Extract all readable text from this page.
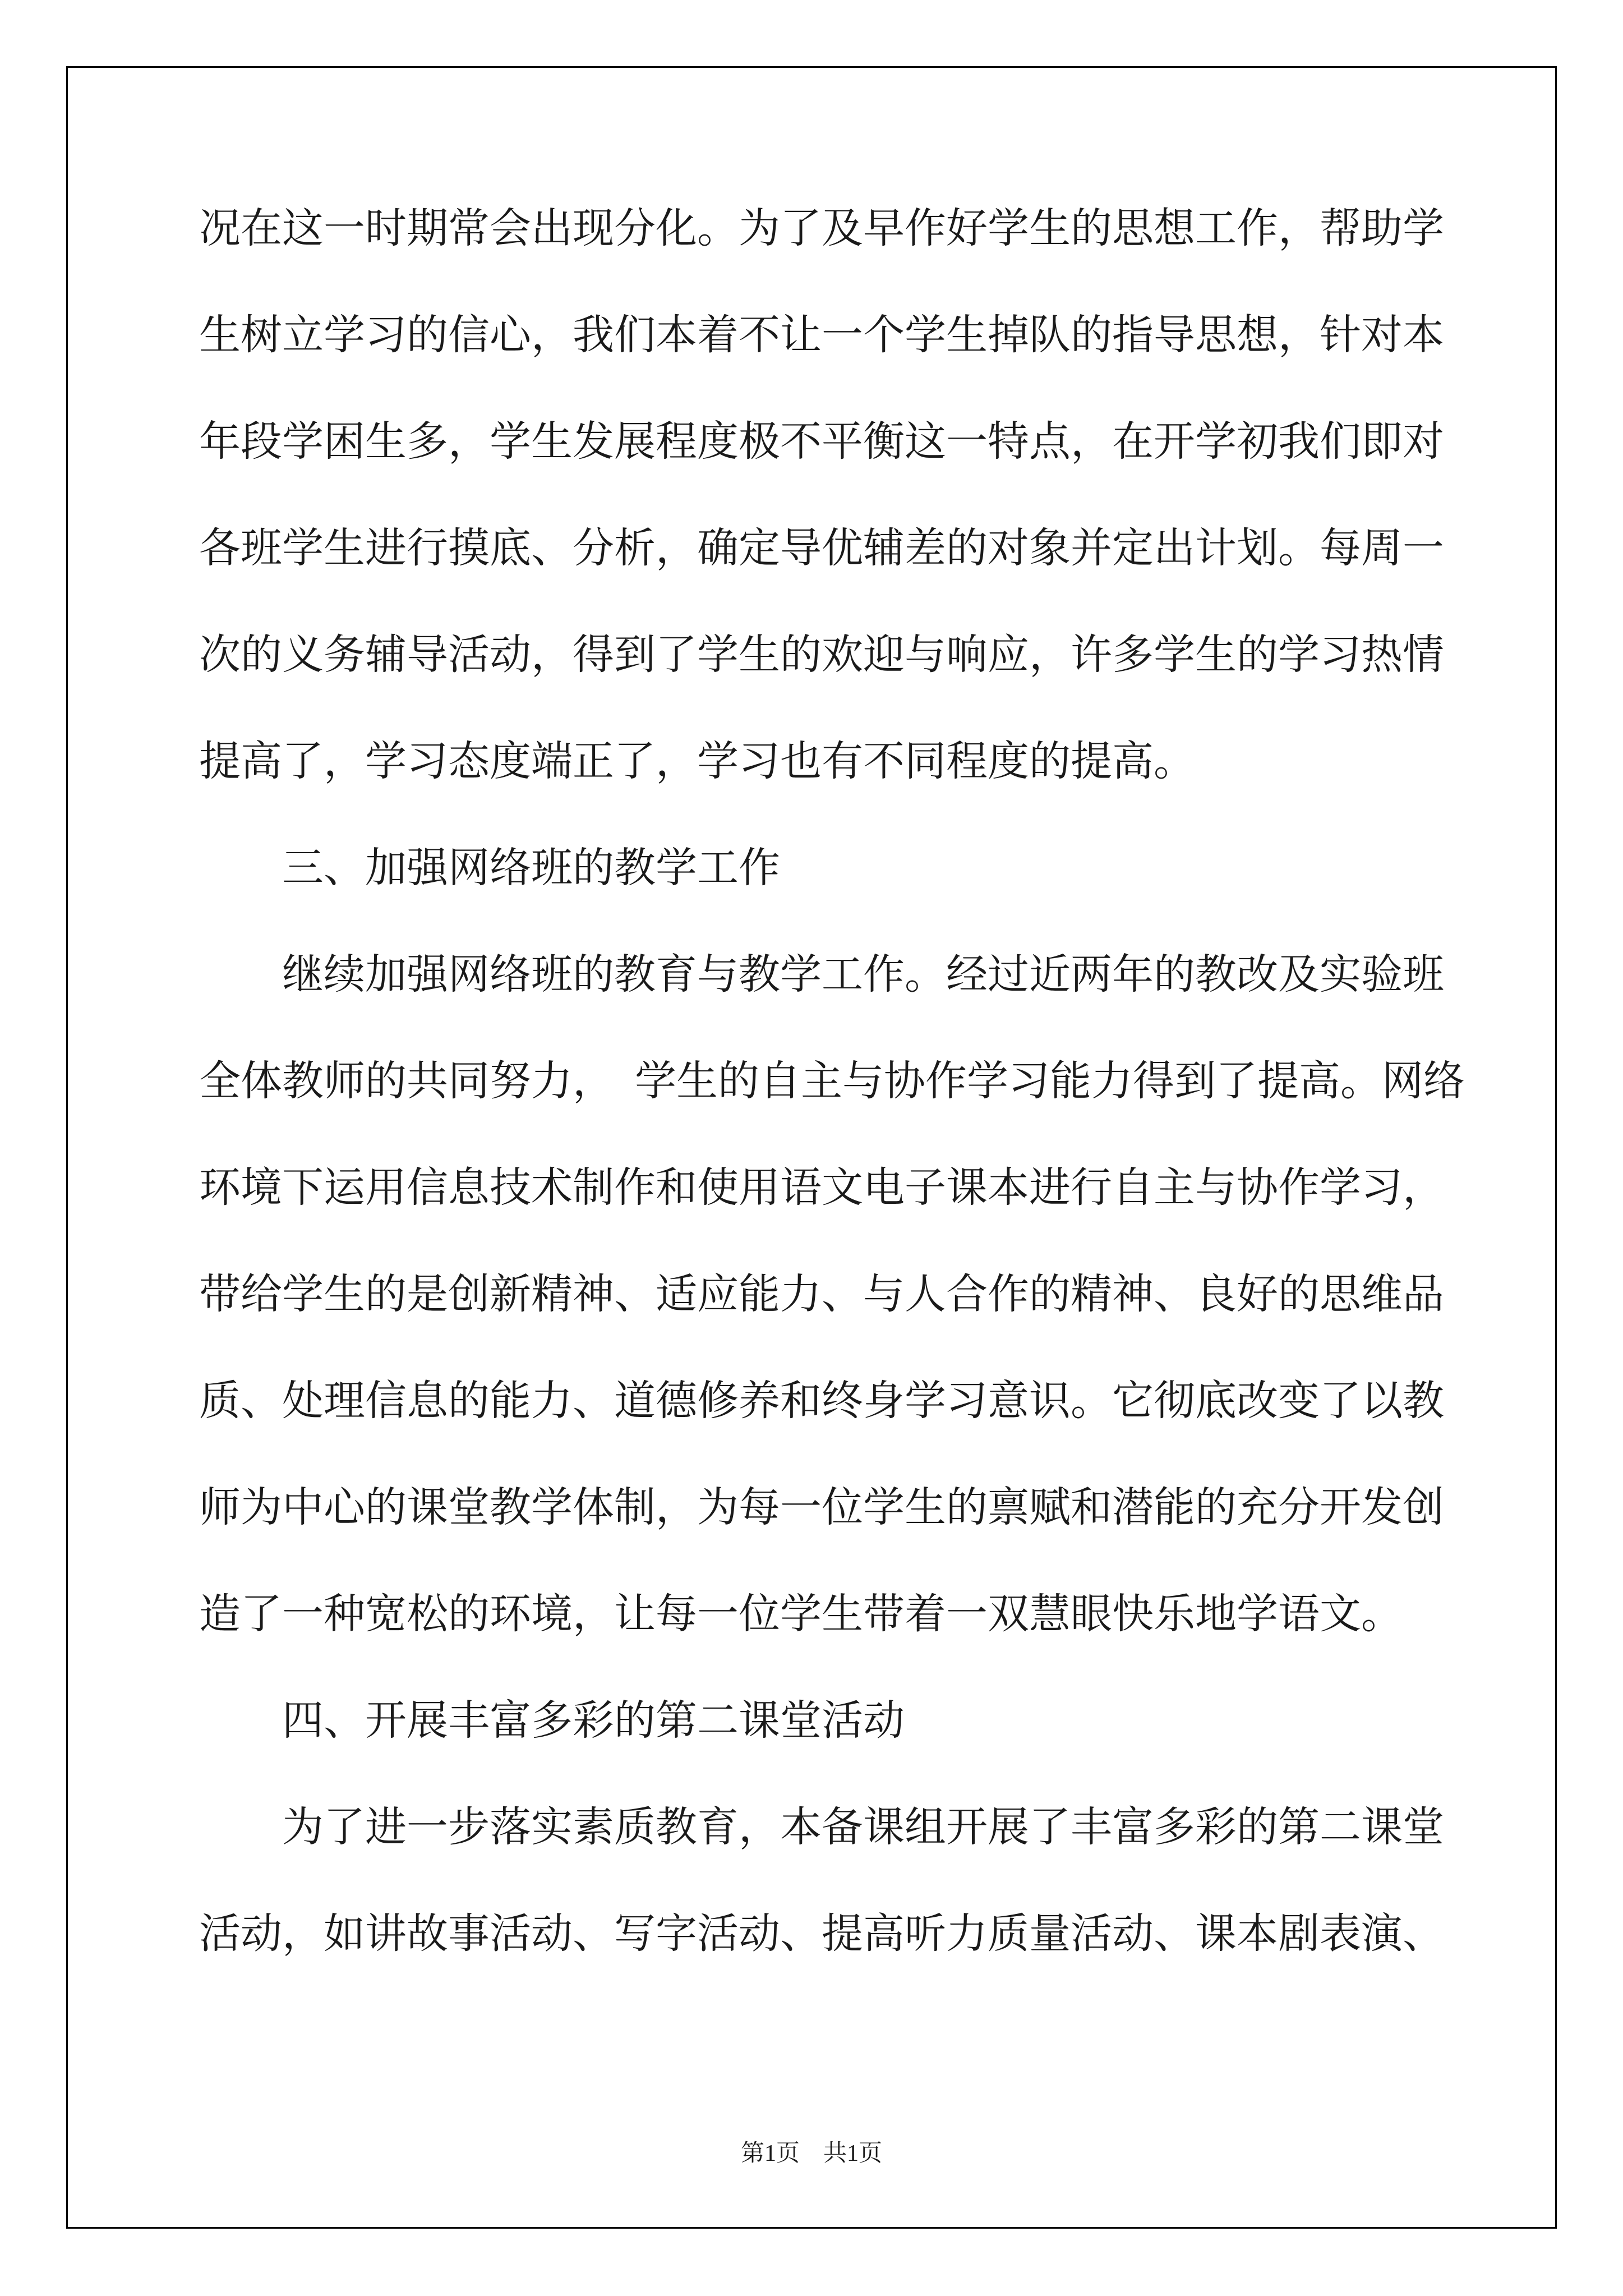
况在这一时期常会出现分化。为了及早作好学生的思想工作，帮助学
生树立学习的信心，我们本着不让一个学生掉队的指导思想，针对本
年段学困生多，学生发展程度极不平衡这一特点，在开学初我们即对
各班学生进行摸底、分析，确定导优辅差的对象并定出计划。每周一
次的义务辅导活动，得到了学生的欢迎与响应，许多学生的学习热情
提高了，学习态度端正了，学习也有不同程度的提高。
三、加强网络班的教学工作
　　继续加强网络班的教育与教学工作。经过近两年的教改及实验班
全体教师的共同努力，　学生的自主与协作学习能力得到了提高。网络
环境下运用信息技术制作和使用语文电子课本进行自主与协作学习，
带给学生的是创新精神、适应能力、与人合作的精神、良好的思维品
质、处理信息的能力、道德修养和终身学习意识。它彻底改变了以教
师为中心的课堂教学体制，为每一位学生的禀赋和潜能的充分开发创
造了一种宽松的环境，让每一位学生带着一双慧眼快乐地学语文。
四、开展丰富多彩的第二课堂活动
　　为了进一步落实素质教育，本备课组开展了丰富多彩的第二课堂
活动，如讲故事活动、写字活动、提高听力质量活动、课本剧表演、
第1页　共1页
